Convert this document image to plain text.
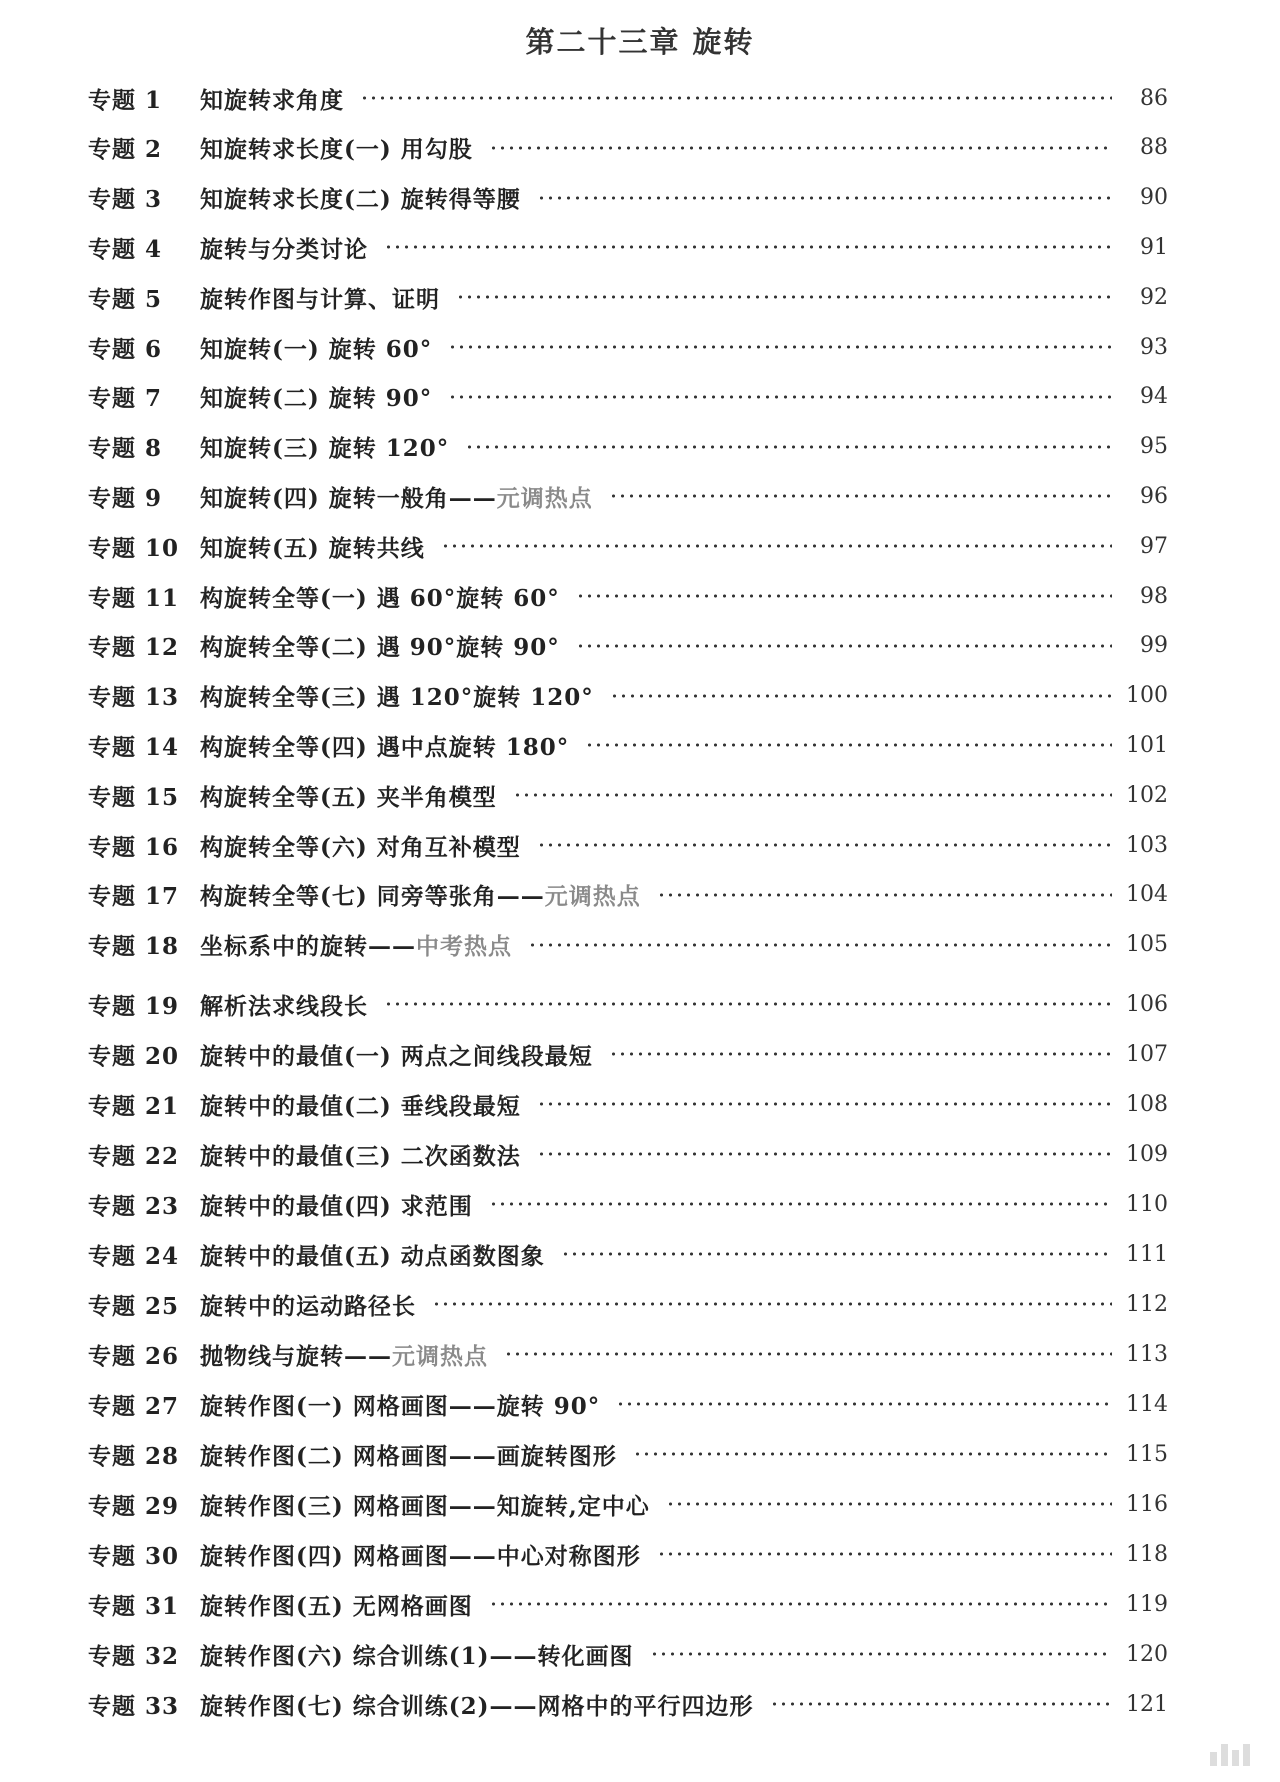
第二十三章 旋转
专题 1	知旋转求角度	86
专题 2	知旋转求长度(一) 用勾股	88
专题 3	知旋转求长度(二) 旋转得等腰	90
专题 4	旋转与分类讨论	91
专题 5	旋转作图与计算、证明	92
专题 6	知旋转(一) 旋转 60°	93
专题 7	知旋转(二) 旋转 90°	94
专题 8	知旋转(三) 旋转 120°	95
专题 9	知旋转(四) 旋转一般角——元调热点	96
专题 10 知旋转(五) 旋转共线	97
专题 11 构旋转全等(一) 遇 60°旋转 60°	98
专题 12 构旋转全等(二) 遇 90°旋转 90°	99
专题 13 构旋转全等(三) 遇 120°旋转 120°	100
专题 14 构旋转全等(四) 遇中点旋转 180°	101
专题 15 构旋转全等(五) 夹半角模型	102
专题 16 构旋转全等(六) 对角互补模型	103
专题 17 构旋转全等(七) 同旁等张角——元调热点	104
专题 18 坐标系中的旋转——中考热点	105
专题 19 解析法求线段长	106
专题 20 旋转中的最值(一) 两点之间线段最短	107
专题 21 旋转中的最值(二) 垂线段最短	108
专题 22 旋转中的最值(三) 二次函数法	109
专题 23 旋转中的最值(四) 求范围	110
专题 24 旋转中的最值(五) 动点函数图象	111
专题 25 旋转中的运动路径长	112
专题 26 抛物线与旋转——元调热点	113
专题 27 旋转作图(一) 网格画图——旋转 90°	114
专题 28 旋转作图(二) 网格画图——画旋转图形	115
专题 29 旋转作图(三) 网格画图——知旋转,定中心	116
专题 30 旋转作图(四) 网格画图——中心对称图形	118
专题 31 旋转作图(五) 无网格画图	119
专题 32 旋转作图(六) 综合训练(1)——转化画图	120
专题 33 旋转作图(七) 综合训练(2)——网格中的平行四边形	121
